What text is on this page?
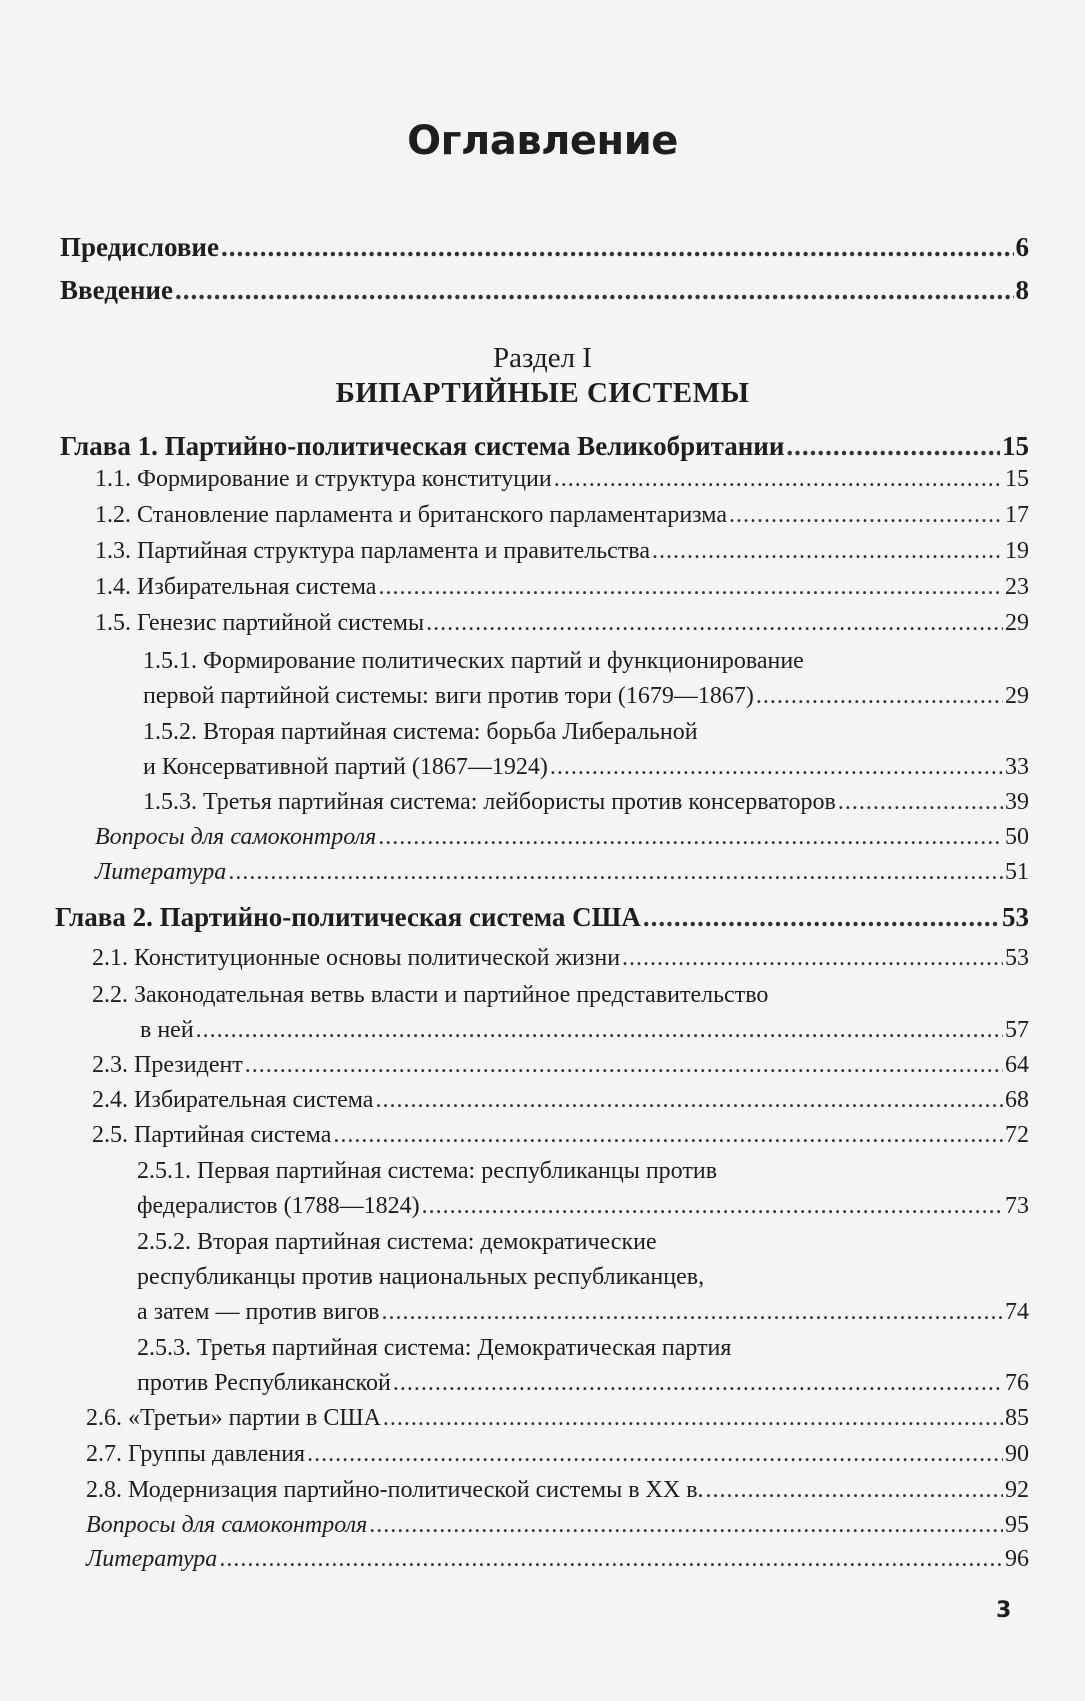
Оглавление
Предисловие .....	6
Введение .....	8
Раздел I
БИПАРТИЙНЫЕ СИСТЕМЫ
Глава 1. Партийно-политическая система Великобритании .....	15
1.1. Формирование и структура конституции .....	15
1.2. Становление парламента и британского парламентаризма .....	17
1.3. Партийная структура парламента и правительства .....	19
1.4. Избирательная система .....	23
1.5. Генезис партийной системы .....	29
1.5.1. Формирование политических партий и функционирование
первой партийной системы: виги против тори (1679—1867) .....	29
1.5.2. Вторая партийная система: борьба Либеральной
и Консервативной партий (1867—1924) .....	33
1.5.3. Третья партийная система: лейбористы против консерваторов .....	39
Вопросы для самоконтроля .....	50
Литература .....	51
Глава 2. Партийно-политическая система США .....	53
2.1. Конституционные основы политической жизни .....	53
2.2. Законодательная ветвь власти и партийное представительство
в ней .....	57
2.3. Президент .....	64
2.4. Избирательная система .....	68
2.5. Партийная система .....	72
2.5.1. Первая партийная система: республиканцы против
федералистов (1788—1824) .....	73
2.5.2. Вторая партийная система: демократические
республиканцы против национальных республиканцев,
а затем — против вигов .....	74
2.5.3. Третья партийная система: Демократическая партия
против Республиканской .....	76
2.6. «Третьи» партии в США .....	85
2.7. Группы давления .....	90
2.8. Модернизация партийно-политической системы в XX в. .....	92
Вопросы для самоконтроля .....	95
Литература .....	96
3
